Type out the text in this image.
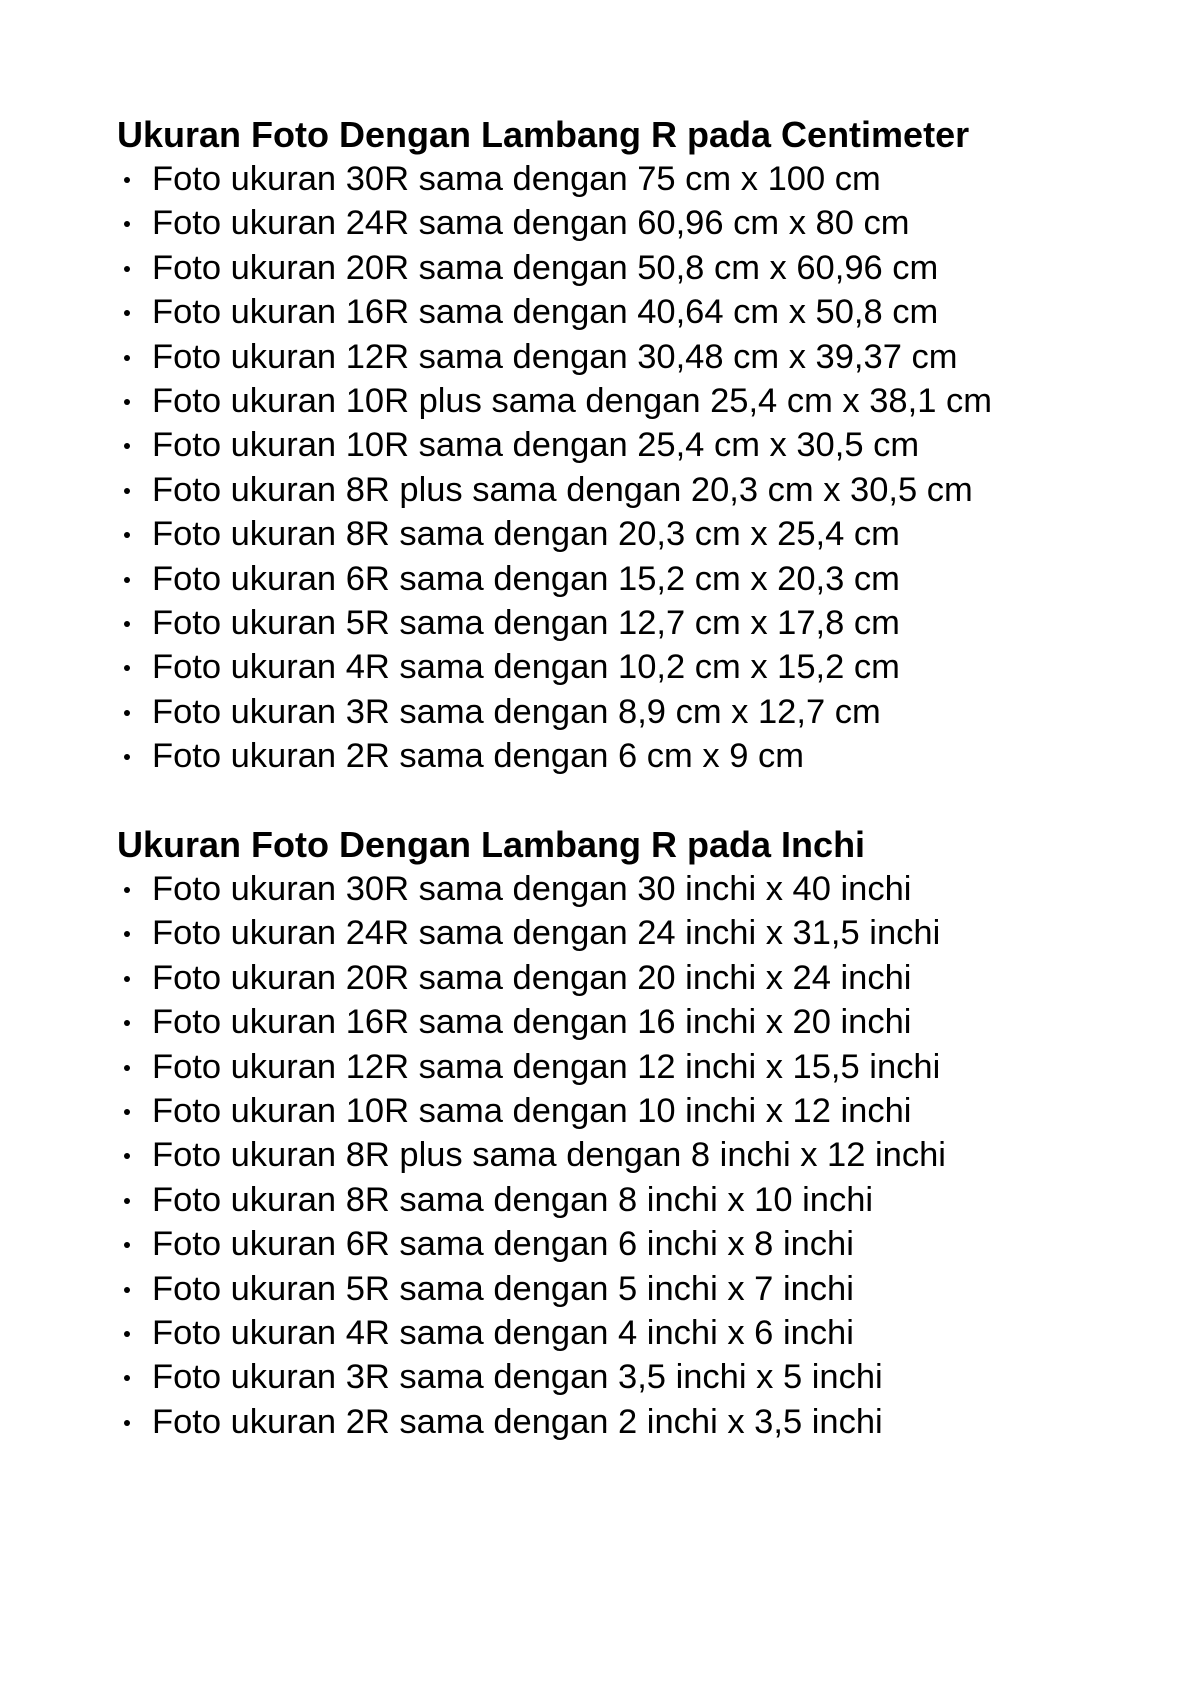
Ukuran Foto Dengan Lambang R pada Centimeter
Foto ukuran 30R sama dengan 75 cm x 100 cm
Foto ukuran 24R sama dengan 60,96 cm x 80 cm
Foto ukuran 20R sama dengan 50,8 cm x 60,96 cm
Foto ukuran 16R sama dengan 40,64 cm x 50,8 cm
Foto ukuran 12R sama dengan 30,48 cm x 39,37 cm
Foto ukuran 10R plus sama dengan 25,4 cm x 38,1 cm
Foto ukuran 10R sama dengan 25,4 cm x 30,5 cm
Foto ukuran 8R plus sama dengan 20,3 cm x 30,5 cm
Foto ukuran 8R sama dengan 20,3 cm x 25,4 cm
Foto ukuran 6R sama dengan 15,2 cm x 20,3 cm
Foto ukuran 5R sama dengan 12,7 cm x 17,8 cm
Foto ukuran 4R sama dengan 10,2 cm x 15,2 cm
Foto ukuran 3R sama dengan 8,9 cm x 12,7 cm
Foto ukuran 2R sama dengan 6 cm x 9 cm
Ukuran Foto Dengan Lambang R pada Inchi
Foto ukuran 30R sama dengan 30 inchi x 40 inchi
Foto ukuran 24R sama dengan 24 inchi x 31,5 inchi
Foto ukuran 20R sama dengan 20 inchi x 24 inchi
Foto ukuran 16R sama dengan 16 inchi x 20 inchi
Foto ukuran 12R sama dengan 12 inchi x 15,5 inchi
Foto ukuran 10R sama dengan 10 inchi x 12 inchi
Foto ukuran 8R plus sama dengan 8 inchi x 12 inchi
Foto ukuran 8R sama dengan 8 inchi x 10 inchi
Foto ukuran 6R sama dengan 6 inchi x 8 inchi
Foto ukuran 5R sama dengan 5 inchi x 7 inchi
Foto ukuran 4R sama dengan 4 inchi x 6 inchi
Foto ukuran 3R sama dengan 3,5 inchi x 5 inchi
Foto ukuran 2R sama dengan 2 inchi x 3,5 inchi
